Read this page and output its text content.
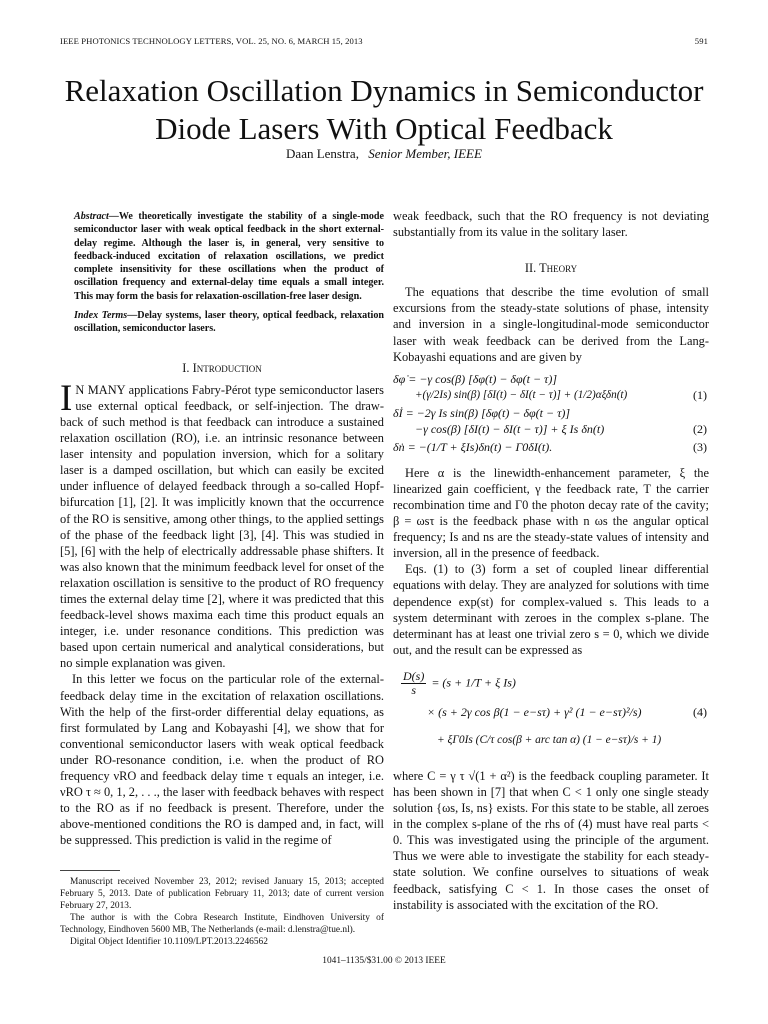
IEEE PHOTONICS TECHNOLOGY LETTERS, VOL. 25, NO. 6, MARCH 15, 2013	591
Relaxation Oscillation Dynamics in Semiconductor Diode Lasers With Optical Feedback
Daan Lenstra, Senior Member, IEEE

Abstract—We theoretically investigate the stability of a single-mode semiconductor laser with weak optical feedback in the short external-delay regime. Although the laser is, in general, very sensitive to feedback-induced excitation of relaxation oscillations, we predict complete insensitivity for these oscillations when the product of oscillation frequency and external-delay time equals a small integer. This may form the basis for relaxation-oscillation-free laser design.

Index Terms—Delay systems, laser theory, optical feedback, relaxation oscillation, semiconductor lasers.

I. Introduction

I N MANY applications Fabry-Pérot type semiconductor lasers use external optical feedback, or self-injection. The draw-back of such method is that feedback can introduce a sustained relaxation oscillation (RO), i.e. an intrinsic resonance between laser intensity and population inversion, which for a solitary laser is a damped oscillation, but which can easily be excited under influence of delayed feedback through a so-called Hopf-bifurcation [1], [2]. It was implicitly known that the occurrence of the RO is sensitive, among other things, to the applied settings of the phase of the feedback light [3], [4]. This was studied in [5], [6] with the help of electrically addressable phase shifters. It was also known that the minimum feedback level for onset of the relaxation oscillation is sensitive to the product of RO frequency times the external delay time [2], where it was predicted that this feedback-level shows maxima each time this product equals an integer, i.e. under resonance conditions. This prediction was based upon certain numerical and analytical considerations, but no simple explanation was given.

In this letter we focus on the particular role of the external-feedback delay time in the excitation of relaxation oscillations. With the help of the first-order differential delay equations, as first formulated by Lang and Kobayashi [4], we show that for conventional semiconductor lasers with weak optical feedback under RO-resonance condition, i.e. when the product of RO frequency νRO and feedback delay time τ equals an integer, i.e. νRO τ ≈ 0, 1, 2, . . ., the laser with feedback behaves with respect to the RO as if no feedback is present. Therefore, under the above-mentioned conditions the RO is damped and, in fact, will be suppressed. This prediction is valid in the regime of

Manuscript received November 23, 2012; revised January 15, 2013; accepted February 5, 2013. Date of publication February 11, 2013; date of current version February 27, 2013.

The author is with the Cobra Research Institute, Eindhoven University of Technology, Eindhoven 5600 MB, The Netherlands (e-mail: d.lenstra@tue.nl).

Digital Object Identifier 10.1109/LPT.2013.2246562

weak feedback, such that the RO frequency is not deviating substantially from its value in the solitary laser.

II. Theory

The equations that describe the time evolution of small excursions from the steady-state solutions of phase, intensity and inversion in a single-longitudinal-mode semiconductor laser with weak feedback can be derived from the Lang-Kobayashi equations and are given by

δφ̇ = −γ cos(β) [δφ(t) − δφ(t − τ)]
+(γ/2Is) sin(β) [δI(t) − δI(t − τ)] + (1/2)αξδn(t)	(1)
δİ = −2γ Is sin(β) [δφ(t) − δφ(t − τ)]
−γ cos(β) [δI(t) − δI(t − τ)] + ξ Is δn(t)	(2)
δṅ = −(1/T + ξIs)δn(t) − Γ0δI(t).	(3)

Here α is the linewidth-enhancement parameter, ξ the linearized gain coefficient, γ the feedback rate, T the carrier recombination time and Γ0 the photon decay rate of the cavity; β = ωsτ is the feedback phase with n ωs the angular optical frequency; Is and ns are the steady-state values of intensity and inversion, all in the presence of feedback.

Eqs. (1) to (3) form a set of coupled linear differential equations with delay. They are analyzed for solutions with time dependence exp(st) for complex-valued s. This leads to a system determinant with zeroes in the complex s-plane. The determinant has at least one trivial zero s = 0, which we divide out, and the result can be expressed as

$\frac{D(s)}{s} = (s + 1/T + \xi$ Is)
× (s + 2γ cos β(1 − e−sτ) + γ² (1 − e−sτ)²/s)
+ ξΓ0Is (C/τ cos(β + arc tan α) (1 − e−sτ)/s + 1)
(4)

where C = γ τ √(1 + α²) is the feedback coupling parameter. It has been shown in [7] that when C < 1 only one single steady solution {ωs, Is, ns} exists. For this state to be stable, all zeroes in the complex s-plane of the rhs of (4) must have real parts < 0. This was investigated using the principle of the argument. Thus we were able to investigate the stability for each steady-state solution. We confine ourselves to situations of weak feedback, satisfying C < 1. In those cases the onset of instability is associated with the excitation of the RO.

1041–1135/$31.00 © 2013 IEEE
